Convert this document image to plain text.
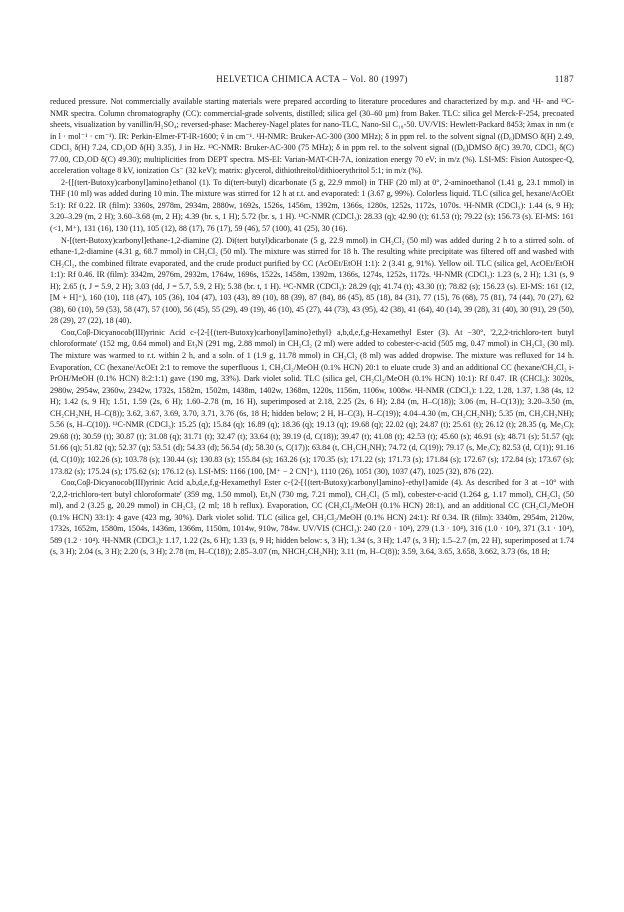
HELVETICA CHIMICA ACTA – Vol. 80 (1997)	1187

reduced pressure. Not commercially available starting materials were prepared according to literature procedures and characterized by m.p. and ¹H- and ¹³C-NMR spectra. Column chromatography (CC): commercial-grade solvents, distilled; silica gel (30–60 µm) from Baker. TLC: silica gel Merck-F-254, precoated sheets, visualization by vanillin/H₂SO₄; reversed-phase: Macherey-Nagel plates for nano-TLC, Nano-Sil C₁₈-50. UV/VIS: Hewlett-Packard 8453; λmax in nm (ε in l · mol⁻¹ · cm⁻¹). IR: Perkin-Elmer-FT-IR-1600; ṽ in cm⁻¹. ¹H-NMR: Bruker-AC-300 (300 MHz); δ in ppm rel. to the solvent signal ((D₆)DMSO δ(H) 2.49, CDCl₃ δ(H) 7.24, CD₃OD δ(H) 3.35), J in Hz. ¹³C-NMR: Bruker-AC-300 (75 MHz); δ in ppm rel. to the solvent signal ((D₆)DMSO δ(C) 39.70, CDCl₃ δ(C) 77.00, CD₃OD δ(C) 49.30); multiplicities from DEPT spectra. MS-EI: Varian-MAT-CH-7A, ionization energy 70 eV; in m/z (%). LSI-MS: Fision Autospec-Q, acceleration voltage 8 kV, ionization Cs⁻ (32 keV); matrix: glycerol, dithiothreitol/dithioerythritol 5:1; in m/z (%).

2-{[(tert-Butoxy)carbonyl]amino}ethanol (1). To di(tert-butyl) dicarbonate (5 g, 22.9 mmol) in THF (20 ml) at 0°, 2-aminoethanol (1.41 g, 23.1 mmol) in THF (10 ml) was added during 10 min. The mixture was stirred for 12 h at r.t. and evaporated: 1 (3.67 g, 99%). Colorless liquid. TLC (silica gel, hexane/AcOEt 5:1): Rf 0.22. IR (film): 3360s, 2978m, 2934m, 2880w, 1692s, 1526s, 1456m, 1392m, 1366s, 1280s, 1252s, 1172s, 1070s. ¹H-NMR (CDCl₃): 1.44 (s, 9 H); 3.20–3.29 (m, 2 H); 3.60–3.68 (m, 2 H); 4.39 (br. s, 1 H); 5.72 (br. s, 1 H). ¹³C-NMR (CDCl₃): 28.33 (q); 42.90 (t); 61.53 (t); 79.22 (s); 156.73 (s). EI-MS: 161 (<1, M⁺), 131 (16), 130 (11), 105 (12), 88 (17), 76 (17), 59 (46), 57 (100), 41 (25), 30 (16).

N-[(tert-Butoxy)carbonyl]ethane-1,2-diamine (2). Di(tert butyl)dicarbonate (5 g, 22.9 mmol) in CH₂Cl₂ (50 ml) was added during 2 h to a stirred soln. of ethane-1,2-diamine (4.31 g, 68.7 mmol) in CH₂Cl₂ (50 ml). The mixture was stirred for 18 h. The resulting white precipitate was filtered off and washed with CH₂Cl₂, the combined filtrate evaporated, and the crude product purified by CC (AcOEt/EtOH 1:1): 2 (3.41 g, 91%). Yellow oil. TLC (silica gel, AcOEt/EtOH 1:1): Rf 0.46. IR (film): 3342m, 2976m, 2932m, 1764w, 1696s, 1522s, 1458m, 1392m, 1366s, 1274s, 1252s, 1172s. ¹H-NMR (CDCl₃): 1.23 (s, 2 H); 1.31 (s, 9 H); 2.65 (t, J = 5.9, 2 H); 3.03 (dd, J = 5.7, 5.9, 2 H); 5.38 (br. t, 1 H). ¹³C-NMR (CDCl₃): 28.29 (q); 41.74 (t); 43.30 (t); 78.82 (s); 156.23 (s). EI-MS: 161 (12, [M + H]⁺), 160 (10), 118 (47), 105 (36), 104 (47), 103 (43), 89 (10), 88 (39), 87 (84), 86 (45), 85 (18), 84 (31), 77 (15), 76 (68), 75 (81), 74 (44), 70 (27), 62 (38), 60 (10), 59 (53), 58 (47), 57 (100), 56 (45), 55 (29), 49 (19), 46 (10), 45 (27), 44 (73), 43 (95), 42 (38), 41 (64), 40 (14), 39 (28), 31 (40), 30 (91), 29 (50), 28 (29), 27 (22), 18 (40).

Coα,Coβ-Dicyanocob(III)yrinic Acid c-{2-[{(tert-Butoxy)carbonyl]amino}ethyl} a,b,d,e,f,g-Hexamethyl Ester (3). At −30°, '2,2,2-trichloro-tert butyl chloroformate' (152 mg, 0.64 mmol) and Et₃N (291 mg, 2.88 mmol) in CH₂Cl₂ (2 ml) were added to cobester-c-acid (505 mg, 0.47 mmol) in CH₂Cl₂ (30 ml). The mixture was warmed to r.t. within 2 h, and a soln. of 1 (1.9 g, 11.78 mmol) in CH₂Cl₂ (8 ml) was added dropwise. The mixture was refluxed for 14 h. Evaporation, CC (hexane/AcOEt 2:1 to remove the superfluous 1, CH₂Cl₂/MeOH (0.1% HCN) 20:1 to eluate crude 3) and an additional CC (hexane/CH₂Cl₂ i-PrOH/MeOH (0.1% HCN) 8:2:1:1) gave (190 mg, 33%). Dark violet solid. TLC (silica gel, CH₂Cl₂/MeOH (0.1% HCN) 10:1): Rf 0.47. IR (CHCl₃): 3020s, 2980w, 2954w, 2360w, 2342w, 1732s, 1582m, 1502m, 1438m, 1402w, 1368m, 1220s, 1156m, 1106w, 1008w. ¹H-NMR (CDCl₃): 1.22, 1.28, 1.37, 1.38 (4s, 12 H); 1.42 (s, 9 H); 1.51, 1.59 (2s, 6 H); 1.60–2.78 (m, 16 H), superimposed at 2.18, 2.25 (2s, 6 H); 2.84 (m, H–C(18)); 3.06 (m, H–C(13)); 3.20–3.50 (m, CH₂CH₂NH, H–C(8)); 3.62, 3.67, 3.69, 3.70, 3.71, 3.76 (6s, 18 H; hidden below; 2 H, H–C(3), H–C(19)); 4.04–4.30 (m, CH₂CH₂NH); 5.35 (m, CH₂CH₂NH); 5.56 (s, H–C(10)). ¹³C-NMR (CDCl₃): 15.25 (q); 15.84 (q); 16.89 (q); 18.36 (q); 19.13 (q); 19.68 (q); 22.02 (q); 24.87 (t); 25.61 (t); 26.12 (t); 28.35 (q, Me₃C); 29.68 (t); 30.59 (t); 30.87 (t); 31.08 (q); 31.71 (t); 32.47 (t); 33.64 (t); 39.19 (d, C(18)); 39.47 (t); 41.08 (t); 42.53 (t); 45.60 (s); 46.91 (s); 48.71 (s); 51.57 (q); 51.66 (q); 51.82 (q); 52.37 (q); 53.51 (d); 54.33 (d); 56.54 (d); 58.30 (s, C(17)); 63.84 (t, CH₂CH₂NH); 74.72 (d, C(19)); 79.17 (s, Me₃C); 82.53 (d, C(1)); 91.16 (d, C(10)); 102.26 (s); 103.78 (s); 130.44 (s); 130.83 (s); 155.84 (s); 163.26 (s); 170.35 (s); 171.22 (s); 171.73 (s); 171.84 (s); 172.67 (s); 172.84 (s); 173.67 (s); 173.82 (s); 175.24 (s); 175.62 (s); 176.12 (s). LSI-MS: 1166 (100, [M⁺ − 2 CN]⁺), 1110 (26), 1051 (30), 1037 (47), 1025 (32), 876 (22).

Coα,Coβ-Dicyanocob(III)yrinic Acid a,b,d,e,f,g-Hexamethyl Ester c-{2-[{(tert-Butoxy)carbonyl]amino}-ethyl}amide (4). As described for 3 at −10° with '2,2,2-trichloro-tert butyl chloroformate' (359 mg, 1.50 mmol), Et₃N (730 mg, 7.21 mmol), CH₂Cl₂ (5 ml), cobester-c-acid (1.264 g, 1.17 mmol), CH₂Cl₂ (50 ml), and 2 (3.25 g, 20.29 mmol) in CH₂Cl₂ (2 ml; 18 h reflux). Evaporation, CC (CH₂Cl₂/MeOH (0.1% HCN) 28:1), and an additional CC (CH₂Cl₂/MeOH (0.1% HCN) 33:1): 4 gave (423 mg, 30%). Dark violet solid. TLC (silica gel, CH₂Cl₂/MeOH (0.1% HCN) 24:1): Rf 0.34. IR (film): 3340m, 2954m, 2120w, 1732s, 1652m, 1580m, 1504s, 1436m, 1366m, 1150m, 1014w, 910w, 784w. UV/VIS (CHCl₃): 240 (2.0 · 10⁴), 279 (1.3 · 10⁴), 316 (1.0 · 10⁴), 371 (3.1 · 10⁴), 589 (1.2 · 10⁴). ¹H-NMR (CDCl₃): 1.17, 1.22 (2s, 6 H); 1.33 (s, 9 H; hidden below: s, 3 H); 1.34 (s, 3 H); 1.47 (s, 3 H); 1.5–2.7 (m, 22 H), superimposed at 1.74 (s, 3 H); 2.04 (s, 3 H); 2.20 (s, 3 H); 2.78 (m, H–C(18)); 2.85–3.07 (m, NHCH₂CH₂NH); 3.11 (m, H–C(8)); 3.59, 3.64, 3.65, 3.658, 3.662, 3.73 (6s, 18 H;
